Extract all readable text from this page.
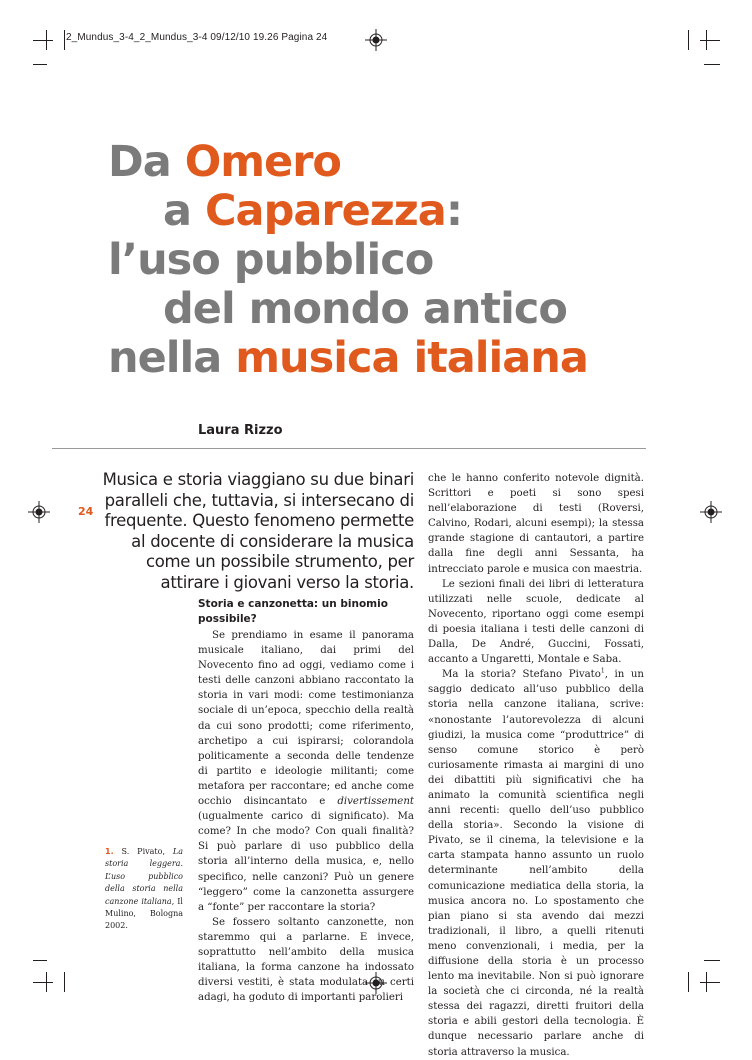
2_Mundus_3-4_2_Mundus_3-4 09/12/10 19.26 Pagina 24
Da Omero
a Caparezza:
l’uso pubblico
del mondo antico
nella musica italiana
Laura Rizzo
24
Musica e storia viaggiano su due binari paralleli che, tuttavia, si intersecano di frequente. Questo fenomeno permette al docente di considerare la musica come un possibile strumento, per attirare i giovani verso la storia.
Storia e canzonetta: un binomio possibile?

Se prendiamo in esame il panorama musicale italiano, dai primi del Novecento fino ad oggi, vediamo come i testi delle canzoni abbiano raccontato la storia in vari modi: come testimonianza sociale di un’epoca, specchio della realtà da cui sono prodotti; come riferimento, archetipo a cui ispirarsi; colorandola politicamente a seconda delle tendenze di partito e ideologie militanti; come metafora per raccontare; ed anche come occhio disincantato e divertissement (ugualmente carico di significato). Ma come? In che modo? Con quali finalità? Si può parlare di uso pubblico della storia all’interno della musica, e, nello specifico, nelle canzoni? Può un genere “leggero” come la canzonetta assurgere a “fonte” per raccontare la storia?

Se fossero soltanto canzonette, non staremmo qui a parlarne. E invece, soprattutto nell’ambito della musica italiana, la forma canzone ha indossato diversi vestiti, è stata modulata su certi adagi, ha goduto di importanti parolieri

che le hanno conferito notevole dignità. Scrittori e poeti si sono spesi nell’elaborazione di testi (Roversi, Calvino, Rodari, alcuni esempi); la stessa grande stagione di cantautori, a partire dalla fine degli anni Sessanta, ha intrecciato parole e musica con maestria.

Le sezioni finali dei libri di letteratura utilizzati nelle scuole, dedicate al Novecento, riportano oggi come esempi di poesia italiana i testi delle canzoni di Dalla, De André, Guccini, Fossati, accanto a Ungaretti, Montale e Saba.

Ma la storia? Stefano Pivato$^1$, in un saggio dedicato all’uso pubblico della storia nella canzone italiana, scrive: «nonostante l’autorevolezza di alcuni giudizi, la musica come “produttrice” di senso comune storico è però curiosamente rimasta ai margini di uno dei dibattiti più significativi che ha animato la comunità scientifica negli anni recenti: quello dell’uso pubblico della storia». Secondo la visione di Pivato, se il cinema, la televisione e la carta stampata hanno assunto un ruolo determinante nell’ambito della comunicazione mediatica della storia, la musica ancora no. Lo spostamento che pian piano si sta avendo dai mezzi tradizionali, il libro, a quelli ritenuti meno convenzionali, i media, per la diffusione della storia è un processo lento ma inevitabile. Non si può ignorare la società che ci circonda, né la realtà stessa dei ragazzi, diretti fruitori della storia e abili gestori della tecnologia. È dunque necessario parlare anche di storia attraverso la musica.

1. S. Pivato, La storia leggera. L’uso pubblico della storia nella canzone italiana, Il Mulino, Bologna 2002.
